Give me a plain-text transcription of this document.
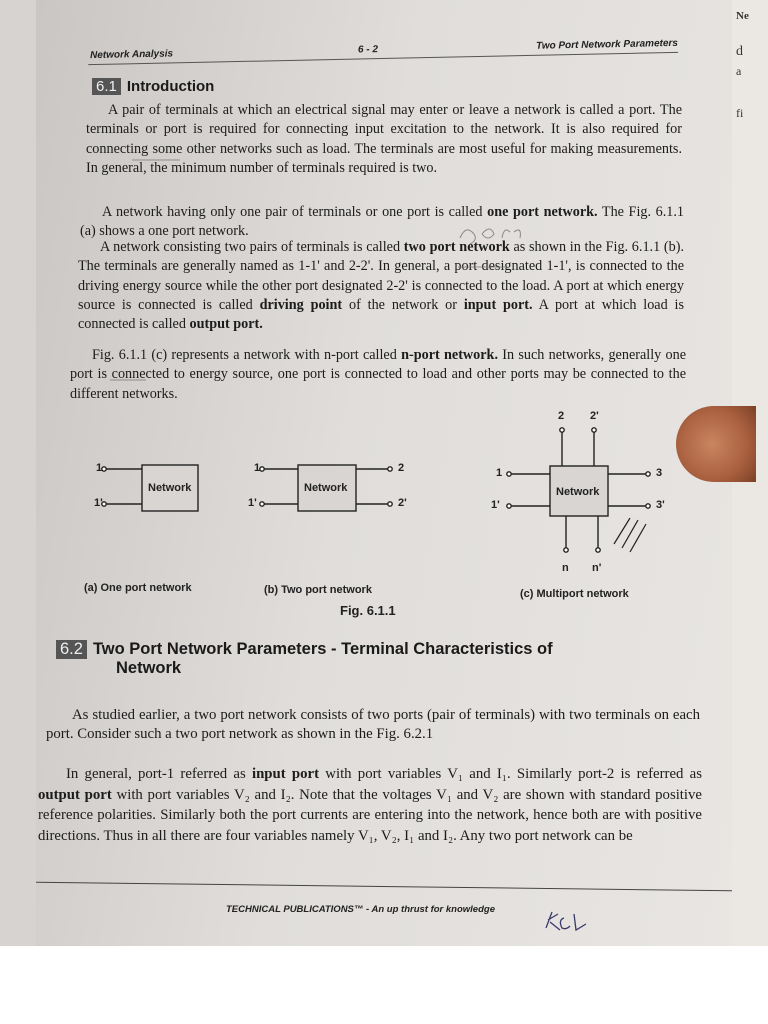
Network Analysis	6 - 2	Two Port Network Parameters
6.1 Introduction

A pair of terminals at which an electrical signal may enter or leave a network is called a port. The terminals or port is required for connecting input excitation to the network. It is also required for connecting some other networks such as load. The terminals are most useful for making measurements. In general, the minimum number of terminals required is two.

A network having only one pair of terminals or one port is called one port network. The Fig. 6.1.1 (a) shows a one port network.

A network consisting two pairs of terminals is called two port network as shown in the Fig. 6.1.1 (b). The terminals are generally named as 1-1' and 2-2'. In general, a port designated 1-1', is connected to the driving energy source while the other port designated 2-2' is connected to the load. A port at which energy source is connected is called driving point of the network or input port. A port at which load is connected is called output port.

Fig. 6.1.1 (c) represents a network with n-port called n-port network. In such networks, generally one port is connected to energy source, one port is connected to load and other ports may be connected to the different networks.

Network	Network	Network
1
1'
1
1'
2
2'
1
1'
3
3'
2 2'
n n'
(a) One port network	(b) Two port network	(c) Multiport network
Fig. 6.1.1
6.2 Two Port Network Parameters - Terminal Characteristics of
Network

As studied earlier, a two port network consists of two ports (pair of terminals) with two terminals on each port. Consider such a two port network as shown in the Fig. 6.2.1

In general, port-1 referred as input port with port variables V₁ and I₁. Similarly port-2 is referred as output port with port variables V₂ and I₂. Note that the voltages V₁ and V₂ are shown with standard positive reference polarities. Similarly both the port currents are entering into the network, hence both are with positive directions. Thus in all there are four variables namely V₁, V₂, I₁ and I₂. Any two port network can be

TECHNICAL PUBLICATIONS™ - An up thrust for knowledge
Ne
d
a
fi
